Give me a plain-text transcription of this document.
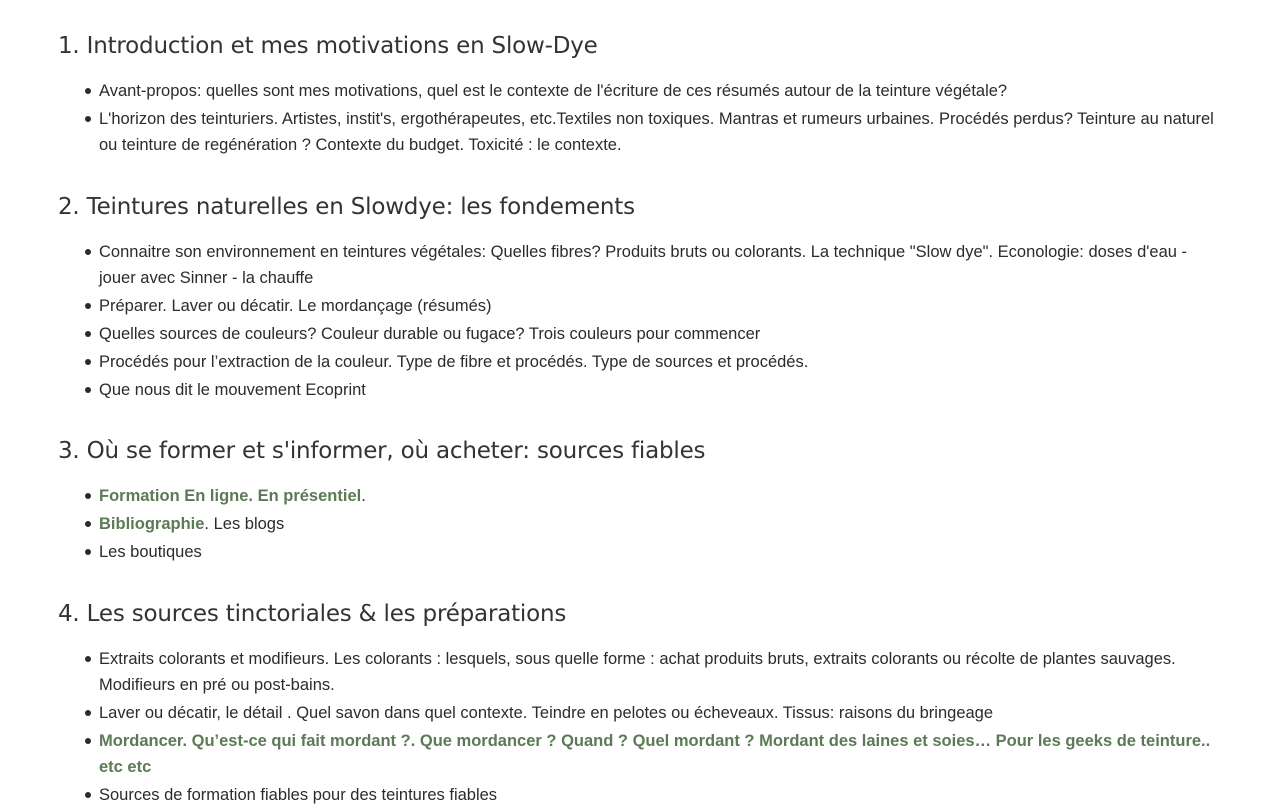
1. Introduction et mes motivations en Slow-Dye
Avant-propos: quelles sont mes motivations, quel est le contexte de l'écriture de ces résumés autour de la teinture végétale?
L'horizon des teinturiers. Artistes, instit's, ergothérapeutes, etc.Textiles non toxiques. Mantras et rumeurs urbaines. Procédés perdus? Teinture au naturel ou teinture de regénération ? Contexte du budget. Toxicité : le contexte.
2. Teintures naturelles en Slowdye: les fondements
Connaitre son environnement en teintures végétales: Quelles fibres? Produits bruts ou colorants. La technique "Slow dye". Econologie: doses d'eau - jouer avec Sinner - la chauffe
Préparer. Laver ou décatir. Le mordançage (résumés)
Quelles sources de couleurs? Couleur durable ou fugace? Trois couleurs pour commencer
Procédés pour l’extraction de la couleur. Type de fibre et procédés. Type de sources et procédés.
Que nous dit le mouvement Ecoprint
3. Où se former et s'informer, où acheter: sources fiables
Formation En ligne. En présentiel.
Bibliographie. Les blogs
Les boutiques
4. Les sources tinctoriales & les préparations
Extraits colorants et modifieurs. Les colorants : lesquels, sous quelle forme : achat produits bruts, extraits colorants ou récolte de plantes sauvages. Modifieurs en pré ou post-bains.
Laver ou décatir, le détail . Quel savon dans quel contexte. Teindre en pelotes ou écheveaux. Tissus: raisons du bringeage
Mordancer. Qu’est-ce qui fait mordant ?. Que mordancer ? Quand ? Quel mordant ? Mordant des laines et soies… Pour les geeks de teinture.. etc etc
Sources de formation fiables pour des teintures fiables
